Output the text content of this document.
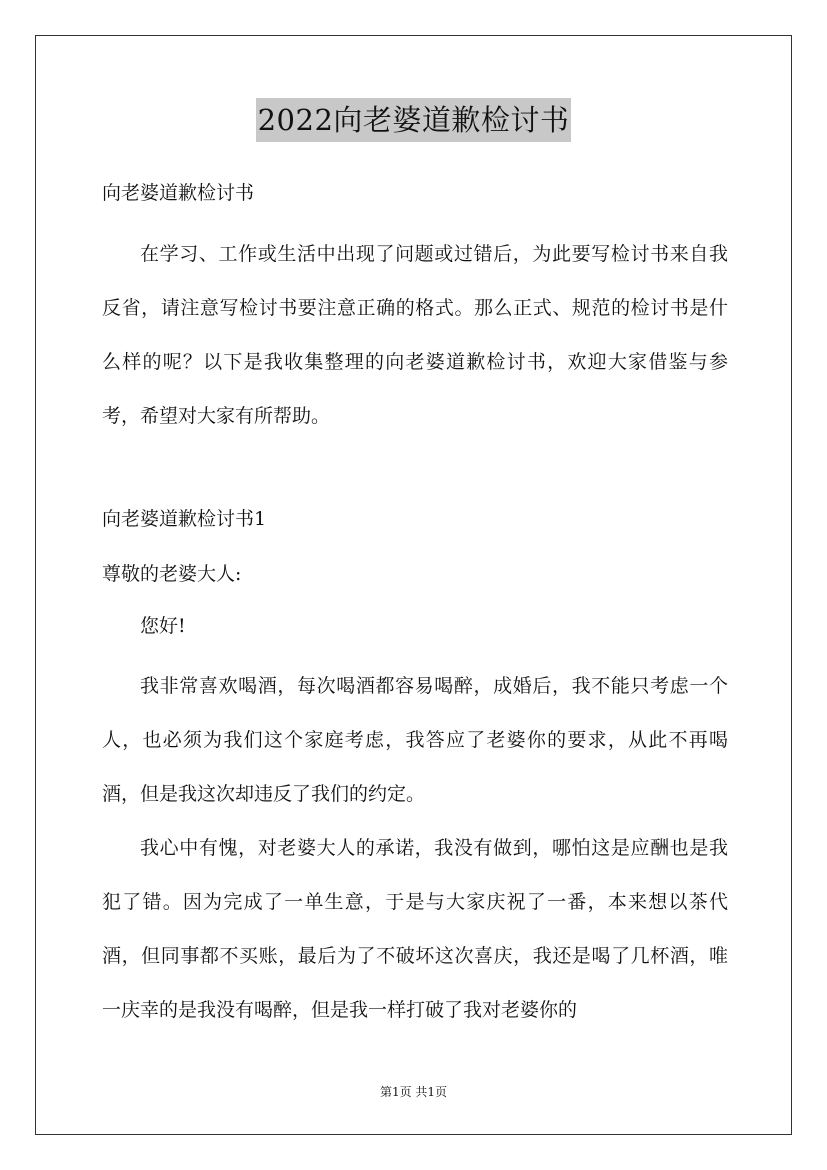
2022向老婆道歉检讨书

向老婆道歉检讨书

在学习、工作或生活中出现了问题或过错后，为此要写检讨书来自我反省，请注意写检讨书要注意正确的格式。那么正式、规范的检讨书是什么样的呢？以下是我收集整理的向老婆道歉检讨书，欢迎大家借鉴与参考，希望对大家有所帮助。

向老婆道歉检讨书1

尊敬的老婆大人:

您好!

我非常喜欢喝酒，每次喝酒都容易喝醉，成婚后，我不能只考虑一个人，也必须为我们这个家庭考虑，我答应了老婆你的要求，从此不再喝酒，但是我这次却违反了我们的约定。

我心中有愧，对老婆大人的承诺，我没有做到，哪怕这是应酬也是我犯了错。因为完成了一单生意，于是与大家庆祝了一番，本来想以茶代酒，但同事都不买账，最后为了不破坏这次喜庆，我还是喝了几杯酒，唯一庆幸的是我没有喝醉，但是我一样打破了我对老婆你的

第1页 共1页
